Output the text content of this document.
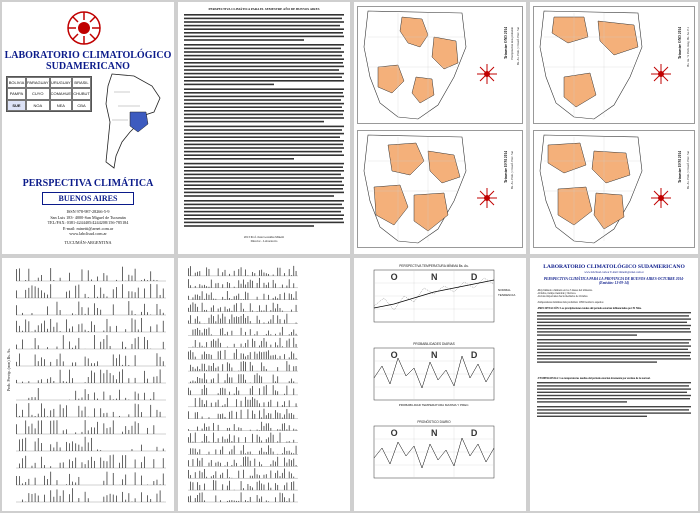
LABORATORIO CLIMATOLÓGICO
SUDAMERICANO
BOLIVIA PARAGUAY URUGUAY BRASIL
PAMPA	CUYO	COMAHUE CHUBUT
SUE	NOA	NEA	CBA
PERSPECTIVA CLIMÁTICA
BUENOS AIRES
ISSN 978-987-28266-5-9
San Luis 183- 4000-San Miguel de Tucumán
TEL/FAX: 0381-4244405/4244208/156-785184
E-mail: minetti@arnet.com.ar
www.labclisud.com.ar
TUCUMÁN-ARGENTINA
PERSPECTIVA CLIMÁTICA PARA EL SEMESTRE AÑO DE BUENOS AIRES
2013 Prof. Juan Leonidas Minetti
Director - Laboratorio
Trimestre OND 2014 Precipitación más probable Bs. As. Prob. y Clasif. Prec. Sat
Trimestre EFM 2014 Bs. As. Prob. y Clasif. Prec. Sat
Trimestre OND 2014 Bs. As. % Prob. Asig. Bs. As. P.1
Trimestre EFM 2014 Bs. As. Prob. y Clasif. Prec. Sat
Prob. Precip. (mm) Bs. As.
PERSPECTIVA TEMPERATURA MÍNIMA Bs. As.
O	N	D
NORMAL
TENDENCIA
PROBABILIDADES DIARIAS
O	N	D
PROBABILIDAD TEMPERATURA MAXIMA Y PREC.
PRONÓSTICO DIARIO
O	N	D
LABORATORIO CLIMATOLÓGICO SUDAMERICANO
www.labclisud.com.ar E-mail: minetti@arnet.com.ar
PERSPECTIVA CLIMÁTICA PARA LA PROVINCIA DE BUENOS AIRES-OCTUBRE 2014- (Emisión: 13-09-14)
-Muy húmedo a húmedo en los 3 meses del trimestre.
-Octubre, tiempo inestable y lluvioso.
-Lluvias importantes hacia mediados de Octubre.
-Temperaturas máximas más probables: OND normal a superior.
-PRECIPITACIÓN: Las precipitaciones totales del período estarían influenciadas por El Niño.
-TEMPERATURA: Las temperaturas medias del período estarían levemente por encima de lo normal.
